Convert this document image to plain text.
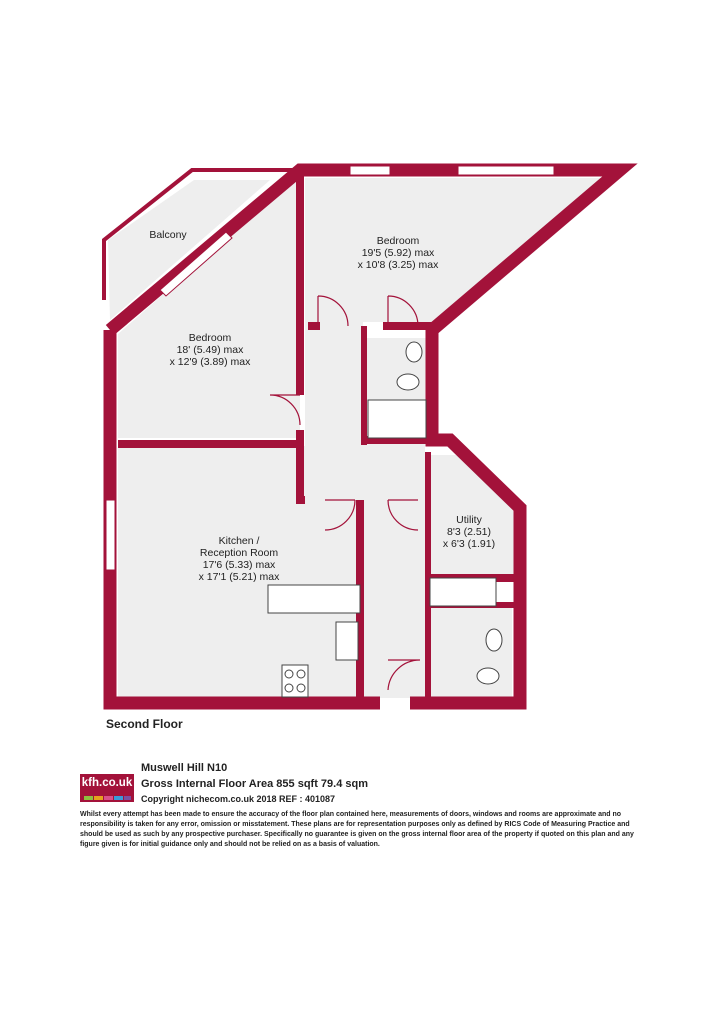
Balcony	Bedroom
19'5 (5.92) max
x 10'8 (3.25) max
Bedroom
18' (5.49) max
x 12'9 (3.89) max
Kitchen /
Reception Room
17'6 (5.33) max
x 17'1 (5.21) max
Utility
8'3 (2.51)
x 6'3 (1.91)
Second Floor
kfh.co.uk
Muswell Hill N10
Gross Internal Floor Area 855 sqft 79.4 sqm
Copyright nichecom.co.uk 2018 REF : 401087
Whilst every attempt has been made to ensure the accuracy of the floor plan contained here, measurements of doors, windows and rooms are approximate and no responsibility is taken for any error, omission or misstatement. These plans are for representation purposes only as defined by RICS Code of Measuring Practice and should be used as such by any prospective purchaser. Specifically no guarantee is given on the gross internal floor area of the property if quoted on this plan and any figure given is for initial guidance only and should not be relied on as a basis of valuation.
